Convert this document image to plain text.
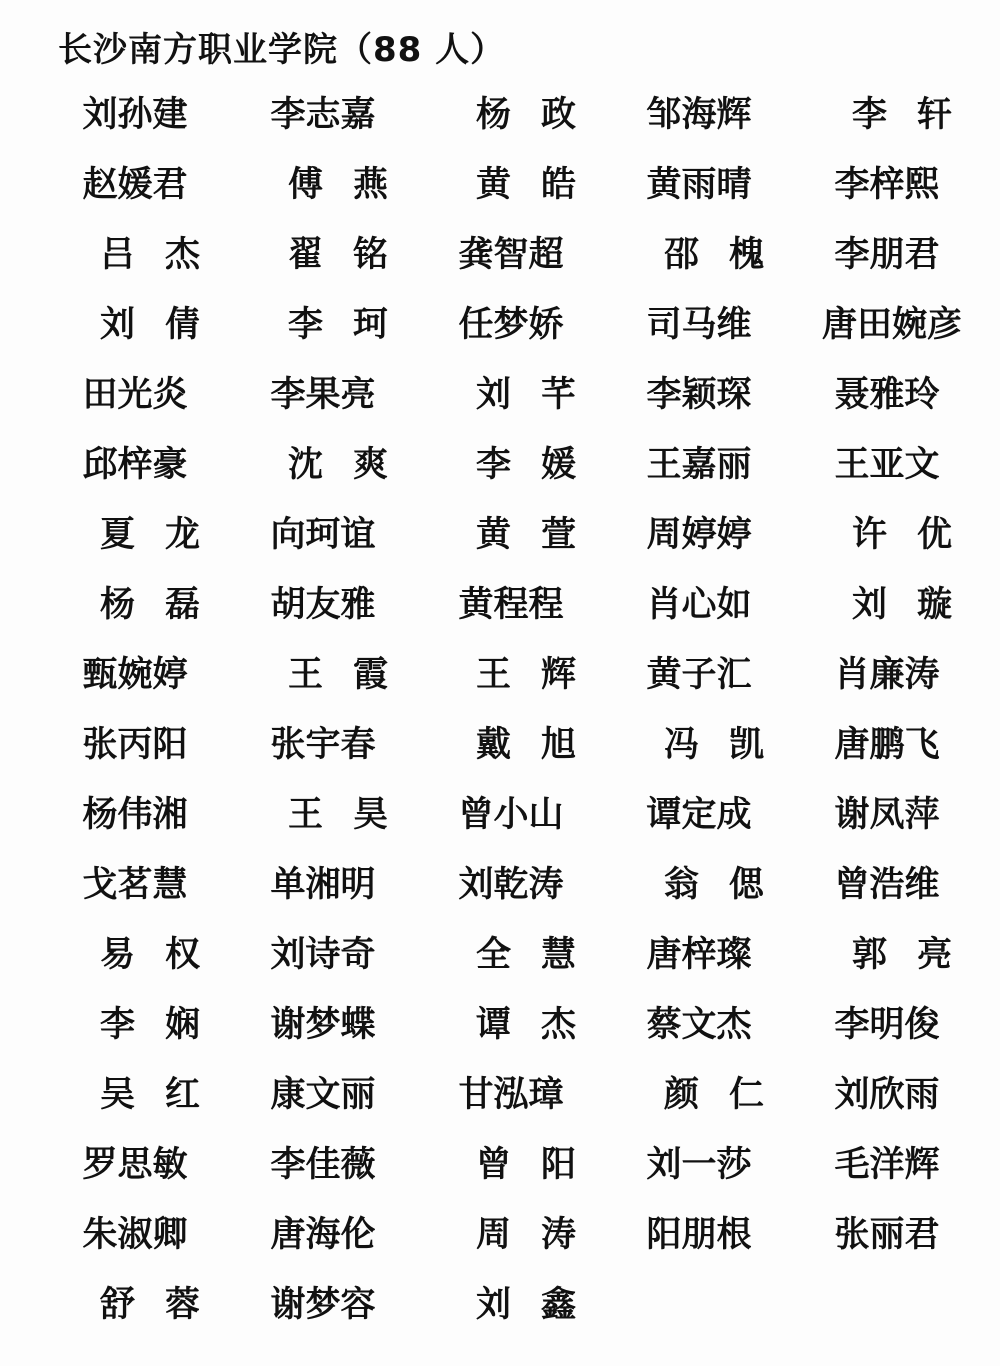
长沙南方职业学院（88 人）
刘孙建	李志嘉	杨政	邹海辉	李轩
赵媛君	傅燕	黄皓	黄雨晴	李梓熙
吕杰	翟铭	龚智超	邵槐	李朋君
刘倩	李珂	任梦娇	司马维	唐田婉彦
田光炎	李果亮	刘芊	李颖琛	聂雅玲
邱梓豪	沈爽	李媛	王嘉丽	王亚文
夏龙	向珂谊	黄萱	周婷婷	许优
杨磊	胡友雅	黄程程	肖心如	刘璇
甄婉婷	王霞	王辉	黄子汇	肖廉涛
张丙阳	张宇春	戴旭	冯凯	唐鹏飞
杨伟湘	王昊	曾小山	谭定成	谢凤萍
戈茗慧	单湘明	刘乾涛	翁偲	曾浩维
易权	刘诗奇	全慧	唐梓璨	郭亮
李娴	谢梦蝶	谭杰	蔡文杰	李明俊
吴红	康文丽	甘泓璋	颜仁	刘欣雨
罗思敏	李佳薇	曾阳	刘一莎	毛洋辉
朱淑卿	唐海伦	周涛	阳朋根	张丽君
舒蓉	谢梦容	刘鑫
